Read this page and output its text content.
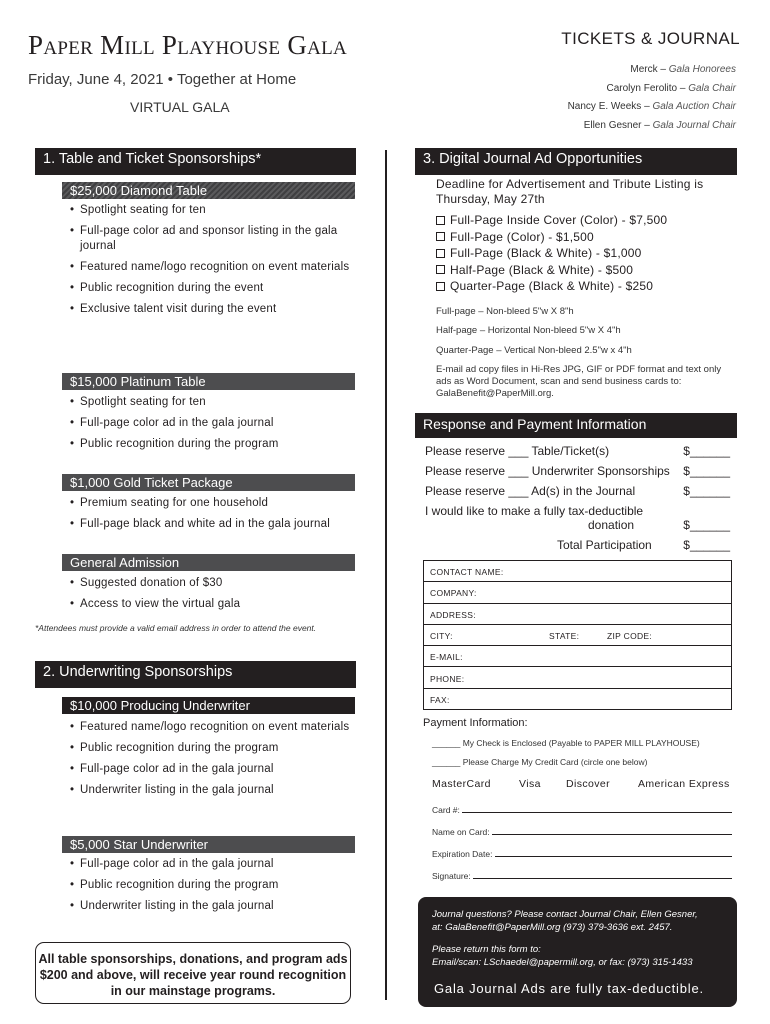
Paper Mill Playhouse Gala
Friday, June 4, 2021 • Together at Home
VIRTUAL GALA
TICKETS & JOURNAL
Merck – Gala Honorees
Carolyn Ferolito – Gala Chair
Nancy E. Weeks – Gala Auction Chair
Ellen Gesner – Gala Journal Chair
1. Table and Ticket Sponsorships*
$25,000 Diamond Table
• Spotlight seating for ten
• Full-page color ad and sponsor listing in the gala journal
• Featured name/logo recognition on event materials
• Public recognition during the event
• Exclusive talent visit during the event
$15,000 Platinum Table
• Spotlight seating for ten
• Full-page color ad in the gala journal
• Public recognition during the program
$1,000 Gold Ticket Package
• Premium seating for one household
• Full-page black and white ad in the gala journal
General Admission
• Suggested donation of $30
• Access to view the virtual gala
*Attendees must provide a valid email address in order to attend the event.
2. Underwriting Sponsorships
$10,000 Producing Underwriter
• Featured name/logo recognition on event materials
• Public recognition during the program
• Full-page color ad in the gala journal
• Underwriter listing in the gala journal
$5,000 Star Underwriter
• Full-page color ad in the gala journal
• Public recognition during the program
• Underwriter listing in the gala journal
All table sponsorships, donations, and program ads $200 and above, will receive year round recognition in our mainstage programs.
3. Digital Journal Ad Opportunities
Deadline for Advertisement and Tribute Listing is Thursday, May 27th
Full-Page Inside Cover (Color) - $7,500
Full-Page (Color) - $1,500
Full-Page (Black & White) - $1,000
Half-Page (Black & White) - $500
Quarter-Page (Black & White) - $250
Full-page – Non-bleed 5"w X 8"h
Half-page – Horizontal Non-bleed 5"w X 4"h
Quarter-Page – Vertical Non-bleed 2.5"w x 4"h
E-mail ad copy files in Hi-Res JPG, GIF or PDF format and text only ads as Word Document, scan and send business cards to: GalaBenefit@PaperMill.org.
Response and Payment Information
Please reserve ___ Table/Ticket(s)	$______
Please reserve ___ Underwriter Sponsorships $______
Please reserve ___ Ad(s) in the Journal	$______
I would like to make a fully tax-deductible
donation	$______
Total Participation	$______
CONTACT NAME:
COMPANY:
ADDRESS:
CITY:	STATE:	ZIP CODE:
E-MAIL:
PHONE:
FAX:
Payment Information:
______ My Check is Enclosed (Payable to PAPER MILL PLAYHOUSE)
______ Please Charge My Credit Card (circle one below)
MasterCard	Visa Discover	American Express
Card #:
Name on Card:
Expiration Date:
Signature:
Journal questions? Please contact Journal Chair, Ellen Gesner,
at: GalaBenefit@PaperMill.org (973) 379-3636 ext. 2457.
Please return this form to:
Email/scan: LSchaedel@papermill.org, or fax: (973) 315-1433
Gala Journal Ads are fully tax-deductible.
